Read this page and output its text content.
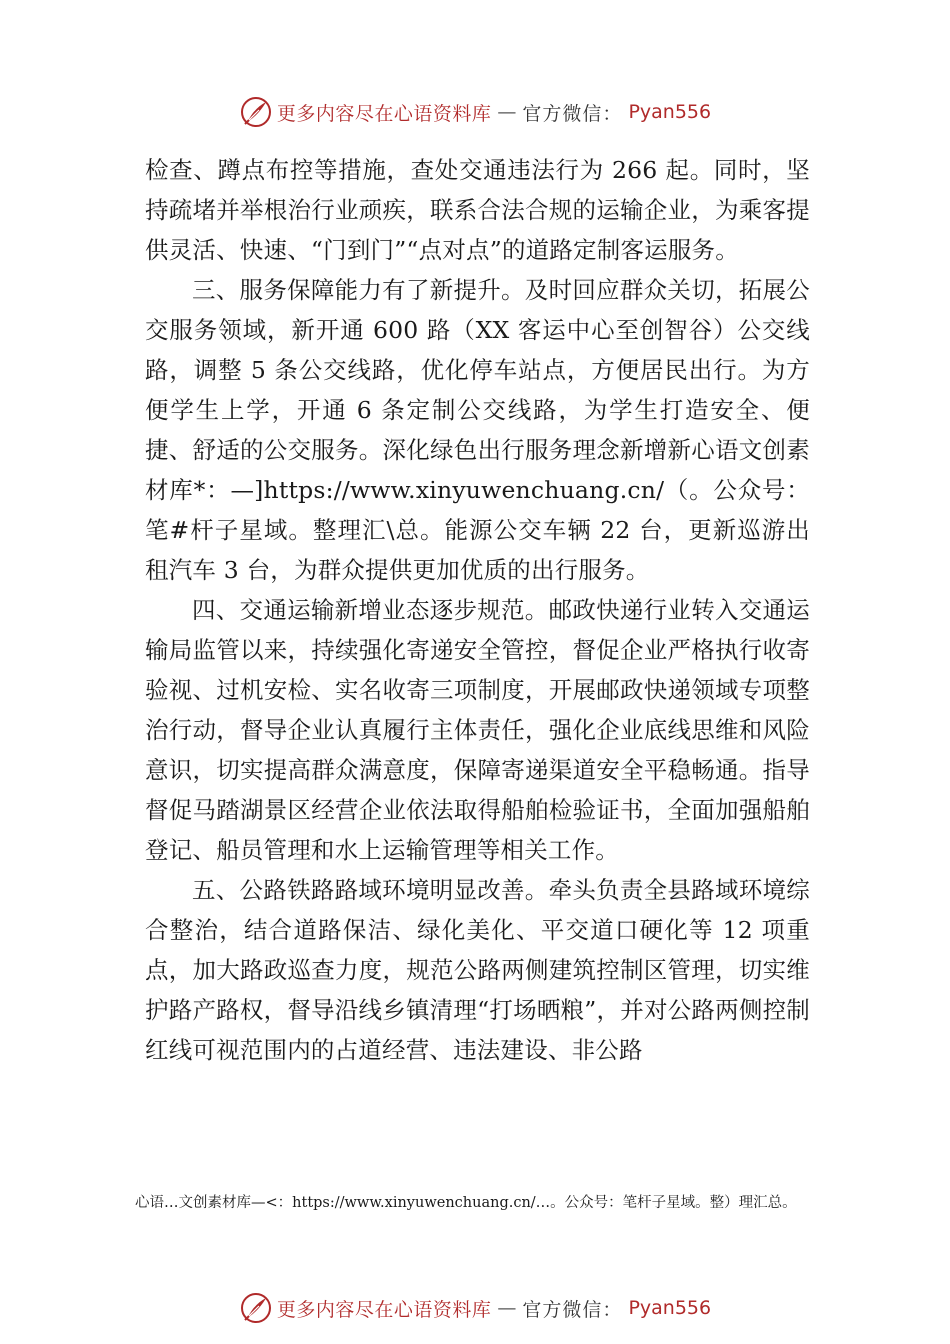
更多内容尽在心语资料库 — 官方微信： Pyan556

检查、蹲点布控等措施，查处交通违法行为 266 起。同时，坚持疏堵并举根治行业顽疾，联系合法合规的运输企业，为乘客提供灵活、快速、“门到门”“点对点”的道路定制客运服务。

三、服务保障能力有了新提升。及时回应群众关切，拓展公交服务领域，新开通 600 路（XX 客运中心至创智谷）公交线路，调整 5 条公交线路，优化停车站点，方便居民出行。为方便学生上学，开通 6 条定制公交线路，为学生打造安全、便捷、舒适的公交服务。深化绿色出行服务理念新增新心语文创素材库*：—]https://www.xinyuwenchuang.cn/（。公众号：笔#杆子星域。整理汇\总。能源公交车辆 22 台，更新巡游出租汽车 3 台，为群众提供更加优质的出行服务。

四、交通运输新增业态逐步规范。邮政快递行业转入交通运输局监管以来，持续强化寄递安全管控，督促企业严格执行收寄验视、过机安检、实名收寄三项制度，开展邮政快递领域专项整治行动，督导企业认真履行主体责任，强化企业底线思维和风险意识，切实提高群众满意度，保障寄递渠道安全平稳畅通。指导督促马踏湖景区经营企业依法取得船舶检验证书，全面加强船舶登记、船员管理和水上运输管理等相关工作。

五、公路铁路路域环境明显改善。牵头负责全县路域环境综合整治，结合道路保洁、绿化美化、平交道口硬化等 12 项重点，加大路政巡查力度，规范公路两侧建筑控制区管理，切实维护路产路权，督导沿线乡镇清理“打场晒粮”，并对公路两侧控制红线可视范围内的占道经营、违法建设、非公路

心语…文创素材库—<：https://www.xinyuwenchuang.cn/…。公众号：笔杆子星域。整）理汇总。
更多内容尽在心语资料库 — 官方微信： Pyan556
